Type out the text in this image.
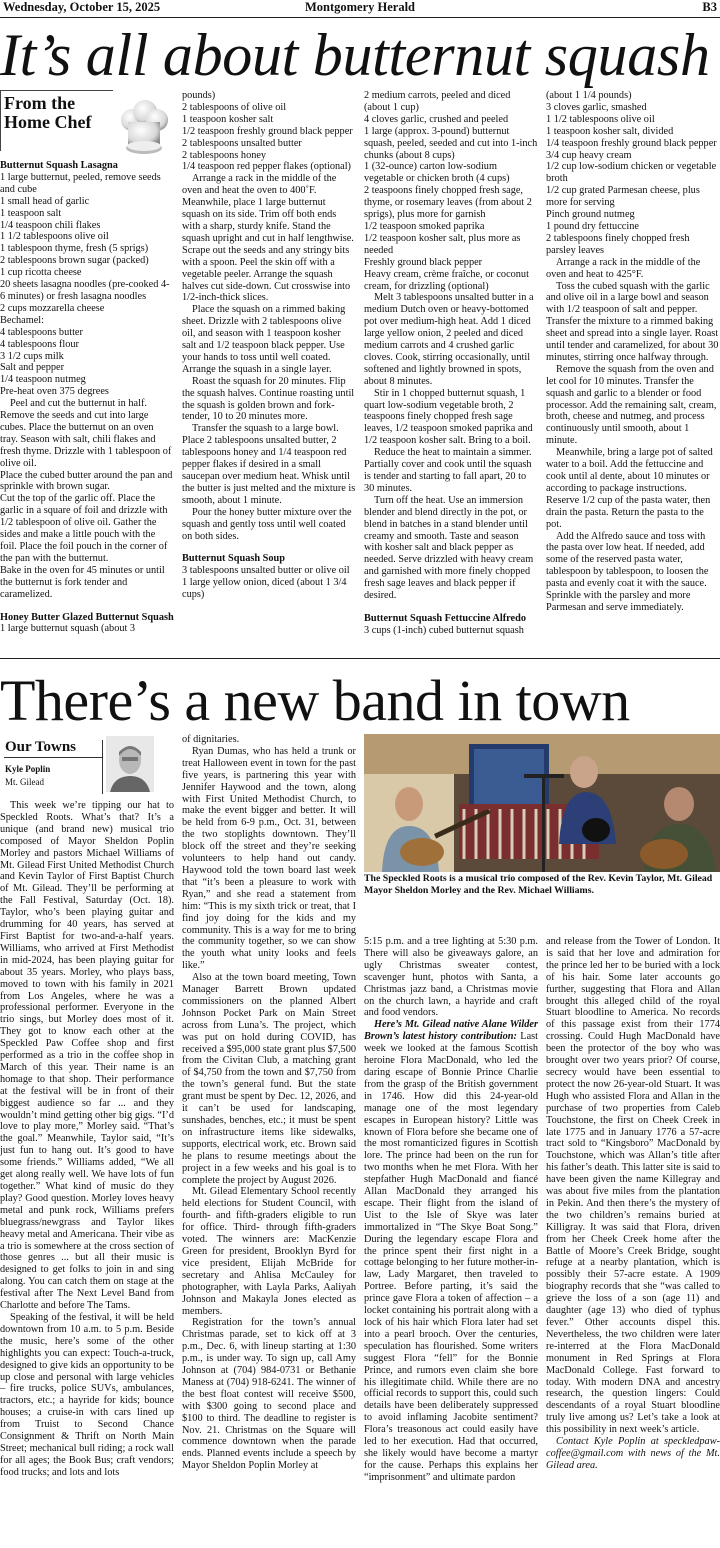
Wednesday, October 15, 2025	Montgomery Herald	B3
It’s all about butternut squash
From the Home Chef

Butternut Squash Lasagna

1 large butternut, peeled, remove seeds and cube

1 small head of garlic

1 teaspoon salt

1/4 teaspoon chili flakes

1 1/2 tablespoons olive oil

1 tablespoon thyme, fresh (5 sprigs)

2 tablespoons brown sugar (packed)

1 cup ricotta cheese

20 sheets lasagna noodles (pre-cooked 4-6 minutes) or fresh lasagna noodles

2 cups mozzarella cheese

Bechamel:

4 tablespoons butter

4 tablespoons flour

3 1/2 cups milk

Salt and pepper

1/4 teaspoon nutmeg

Pre-heat oven 375 degrees

Peel and cut the butternut in half. Remove the seeds and cut into large cubes. Place the butternut on an oven tray. Season with salt, chili flakes and fresh thyme. Drizzle with 1 tablespoon of olive oil.

Place the cubed butter around the pan and sprinkle with brown sugar.

Cut the top of the garlic off. Place the garlic in a square of foil and drizzle with 1/2 tablespoon of olive oil. Gather the sides and make a little pouch with the foil. Place the foil pouch in the corner of the pan with the butternut.

Bake in the oven for 45 minutes or until the butternut is fork tender and caramelized.

Honey Butter Glazed Butternut Squash

1 large butternut squash (about 3

pounds)

2 tablespoons of olive oil

1 teaspoon kosher salt

1/2 teaspoon freshly ground black pepper

2 tablespoons unsalted butter

2 tablespoons honey

1/4 teaspoon red pepper flakes (optional)

Arrange a rack in the middle of the oven and heat the oven to 400˚F. Meanwhile, place 1 large butternut squash on its side. Trim off both ends with a sharp, sturdy knife. Stand the squash upright and cut in half lengthwise. Scrape out the seeds and any stringy bits with a spoon. Peel the skin off with a vegetable peeler. Arrange the squash halves cut side-down. Cut crosswise into 1/2-inch-thick slices.

Place the squash on a rimmed baking sheet. Drizzle with 2 tablespoons olive oil, and season with 1 teaspoon kosher salt and 1/2 teaspoon black pepper. Use your hands to toss until well coated. Arrange the squash in a single layer.

Roast the squash for 20 minutes. Flip the squash halves. Continue roasting until the squash is golden brown and fork-tender, 10 to 20 minutes more.

Transfer the squash to a large bowl. Place 2 tablespoons unsalted butter, 2 tablespoons honey and 1/4 teaspoon red pepper flakes if desired in a small saucepan over medium heat. Whisk until the butter is just melted and the mixture is smooth, about 1 minute.

Pour the honey butter mixture over the squash and gently toss until well coated on both sides.

Butternut Squash Soup

3 tablespoons unsalted butter or olive oil

1 large yellow onion, diced (about 1 3/4 cups)

2 medium carrots, peeled and diced (about 1 cup)

4 cloves garlic, crushed and peeled

1 large (approx. 3-pound) butternut squash, peeled, seeded and cut into 1-inch chunks (about 8 cups)

1 (32-ounce) carton low-sodium vegetable or chicken broth (4 cups)

2 teaspoons finely chopped fresh sage, thyme, or rosemary leaves (from about 2 sprigs), plus more for garnish

1/2 teaspoon smoked paprika

1/2 teaspoon kosher salt, plus more as needed

Freshly ground black pepper

Heavy cream, crème fraîche, or coconut cream, for drizzling (optional)

Melt 3 tablespoons unsalted butter in a medium Dutch oven or heavy-bottomed pot over medium-high heat. Add 1 diced large yellow onion, 2 peeled and diced medium carrots and 4 crushed garlic cloves. Cook, stirring occasionally, until softened and lightly browned in spots, about 8 minutes.

Stir in 1 chopped butternut squash, 1 quart low-sodium vegetable broth, 2 teaspoons finely chopped fresh sage leaves, 1/2 teaspoon smoked paprika and 1/2 teaspoon kosher salt. Bring to a boil.

Reduce the heat to maintain a simmer. Partially cover and cook until the squash is tender and starting to fall apart, 20 to 30 minutes.

Turn off the heat. Use an immersion blender and blend directly in the pot, or blend in batches in a stand blender until creamy and smooth. Taste and season with kosher salt and black pepper as needed. Serve drizzled with heavy cream and garnished with more finely chopped fresh sage leaves and black pepper if desired.

Butternut Squash Fettuccine Alfredo

3 cups (1-inch) cubed butternut squash

(about 1 1/4 pounds)

3 cloves garlic, smashed

1 1/2 tablespoons olive oil

1 teaspoon kosher salt, divided

1/4 teaspoon freshly ground black pepper

3/4 cup heavy cream

1/2 cup low-sodium chicken or vegetable broth

1/2 cup grated Parmesan cheese, plus more for serving

Pinch ground nutmeg

1 pound dry fettuccine

2 tablespoons finely chopped fresh parsley leaves

Arrange a rack in the middle of the oven and heat to 425°F.

Toss the cubed squash with the garlic and olive oil in a large bowl and season with 1/2 teaspoon of salt and pepper. Transfer the mixture to a rimmed baking sheet and spread into a single layer. Roast until tender and caramelized, for about 30 minutes, stirring once halfway through.

Remove the squash from the oven and let cool for 10 minutes. Transfer the squash and garlic to a blender or food processor. Add the remaining salt, cream, broth, cheese and nutmeg, and process continuously until smooth, about 1 minute.

Meanwhile, bring a large pot of salted water to a boil. Add the fettuccine and cook until al dente, about 10 minutes or according to package instructions. Reserve 1/2 cup of the pasta water, then drain the pasta. Return the pasta to the pot.

Add the Alfredo sauce and toss with the pasta over low heat. If needed, add some of the reserved pasta water, tablespoon by tablespoon, to loosen the pasta and evenly coat it with the sauce. Sprinkle with the parsley and more Parmesan and serve immediately.

There’s a new band in town
Our Towns
Kyle Poplin
Mt. Gilead
The Speckled Roots is a musical trio composed of the Rev. Kevin Taylor, Mt. Gilead Mayor Sheldon Morley and the Rev. Michael Williams.

This week we’re tipping our hat to Speckled Roots. What’s that? It’s a unique (and brand new) musical trio composed of Mayor Sheldon Poplin Morley and pastors Michael Williams of Mt. Gilead First United Methodist Church and Kevin Taylor of First Baptist Church of Mt. Gilead. They’ll be performing at the Fall Festival, Saturday (Oct. 18). Taylor, who’s been playing guitar and drumming for 40 years, has served at First Baptist for two-and-a-half years. Williams, who arrived at First Methodist in mid-2024, has been playing guitar for about 35 years. Morley, who plays bass, moved to town with his family in 2021 from Los Angeles, where he was a professional performer. Everyone in the trio sings, but Morley does most of it. They got to know each other at the Speckled Paw Coffee shop and first performed as a trio in the coffee shop in March of this year. Their name is an homage to that shop. Their performance at the festival will be in front of their biggest audience so far ... and they wouldn’t mind getting other big gigs. “I’d love to play more,” Morley said. “That’s the goal.” Meanwhile, Taylor said, “It’s just fun to hang out. It’s good to have some friends.” Williams added, “We all get along really well. We have lots of fun together.” What kind of music do they play? Good question. Morley loves heavy metal and punk rock, Williams prefers bluegrass/newgrass and Taylor likes heavy metal and Americana. Their vibe as a trio is somewhere at the cross section of those genres ... but all their music is designed to get folks to join in and sing along. You can catch them on stage at the festival after The Next Level Band from Charlotte and before The Tams.

Speaking of the festival, it will be held downtown from 10 a.m. to 5 p.m. Beside the music, here’s some of the other highlights you can expect: Touch-a-truck, designed to give kids an opportunity to be up close and personal with large vehicles – fire trucks, police SUVs, ambulances, tractors, etc.; a hayride for kids; bounce houses; a cruise-in with cars lined up from Truist to Second Chance Consignment & Thrift on North Main Street; mechanical bull riding; a rock wall for all ages; the Book Bus; craft vendors; food trucks; and lots and lots

of dignitaries.

Ryan Dumas, who has held a trunk or treat Halloween event in town for the past five years, is partnering this year with Jennifer Haywood and the town, along with First United Methodist Church, to make the event bigger and better. It will be held from 6-9 p.m., Oct. 31, between the two stoplights downtown. They’ll block off the street and they’re seeking volunteers to help hand out candy. Haywood told the town board last week that “it’s been a pleasure to work with Ryan,” and she read a statement from him: “This is my sixth trick or treat, that I find joy doing for the kids and my community. This is a way for me to bring the community together, so we can show the youth what unity looks and feels like.”

Also at the town board meeting, Town Manager Barrett Brown updated commissioners on the planned Albert Johnson Pocket Park on Main Street across from Luna’s. The project, which was put on hold during COVID, has received a $95,000 state grant plus $7,500 from the Civitan Club, a matching grant of $4,750 from the town and $7,750 from the town’s general fund. But the state grant must be spent by Dec. 12, 2026, and it can’t be used for landscaping, sunshades, benches, etc.; it must be spent on infrastructure items like sidewalks, supports, electrical work, etc. Brown said he plans to resume meetings about the project in a few weeks and his goal is to complete the project by August 2026.

Mt. Gilead Elementary School recently held elections for Student Council, with fourth- and fifth-graders eligible to run for office. Third- through fifth-graders voted. The winners are: MacKenzie Green for president, Brooklyn Byrd for vice president, Elijah McBride for secretary and Ahlisa McCauley for photographer, with Layla Parks, Aaliyah Johnson and Makayla Jones elected as members.

Registration for the town’s annual Christmas parade, set to kick off at 3 p.m., Dec. 6, with lineup starting at 1:30 p.m., is under way. To sign up, call Amy Johnson at (704) 984-0731 or Bethanie Maness at (704) 918-6241. The winner of the best float contest will receive $500, with $300 going to second place and $100 to third. The deadline to register is Nov. 21. Christmas on the Square will commence downtown when the parade ends. Planned events include a speech by Mayor Sheldon Poplin Morley at

5:15 p.m. and a tree lighting at 5:30 p.m. There will also be giveaways galore, an ugly Christmas sweater contest, scavenger hunt, photos with Santa, a Christmas jazz band, a Christmas movie on the church lawn, a hayride and craft and food vendors.

Here’s Mt. Gilead native Alane Wilder Brown’s latest history contribution: Last week we looked at the famous Scottish heroine Flora MacDonald, who led the daring escape of Bonnie Prince Charlie from the grasp of the British government in 1746. How did this 24-year-old manage one of the most legendary escapes in European history? Little was known of Flora before she became one of the most romanticized figures in Scottish lore. The prince had been on the run for two months when he met Flora. With her stepfather Hugh MacDonald and fiancé Allan MacDonald they arranged his escape. Their flight from the island of Uist to the Isle of Skye was later immortalized in “The Skye Boat Song.” During the legendary escape Flora and the prince spent their first night in a cottage belonging to her future mother-in-law, Lady Margaret, then traveled to Portree. Before parting, it’s said the prince gave Flora a token of affection – a locket containing his portrait along with a lock of his hair which Flora later had set into a pearl brooch. Over the centuries, speculation has flourished. Some writers suggest Flora “fell” for the Bonnie Prince, and rumors even claim she bore his illegitimate child. While there are no official records to support this, could such details have been deliberately suppressed to avoid inflaming Jacobite sentiment? Flora’s treasonous act could easily have led to her execution. Had that occurred, she likely would have become a martyr for the cause. Perhaps this explains her “imprisonment” and ultimate pardon

and release from the Tower of London. It is said that her love and admiration for the prince led her to be buried with a lock of his hair. Some later accounts go further, suggesting that Flora and Allan brought this alleged child of the royal Stuart bloodline to America. No records of this passage exist from their 1774 crossing. Could Hugh MacDonald have been the protector of the boy who was brought over two years prior? Of course, secrecy would have been essential to protect the now 26-year-old Stuart. It was Hugh who assisted Flora and Allan in the purchase of two properties from Caleb Touchstone, the first on Cheek Creek in late 1775 and in January 1776 a 57-acre tract sold to “Kingsboro” MacDonald by Touchstone, which was Allan’s title after his father’s death. This latter site is said to have been given the name Killegray and was about five miles from the plantation in Pekin. And then there’s the mystery of the two children’s remains buried at Killigray. It was said that Flora, driven from her Cheek Creek home after the Battle of Moore’s Creek Bridge, sought refuge at a nearby plantation, which is possibly their 57-acre estate. A 1909 biography records that she “was called to grieve the loss of a son (age 11) and daughter (age 13) who died of typhus fever.” Other accounts dispel this. Nevertheless, the two children were later re-interred at the Flora MacDonald monument in Red Springs at Flora MacDonald College. Fast forward to today. With modern DNA and ancestry research, the question lingers: Could descendants of a royal Stuart bloodline truly live among us? Let’s take a look at this possibility in next week’s article.

Contact Kyle Poplin at speckledpaw-coffee@gmail.com with news of the Mt. Gilead area.
